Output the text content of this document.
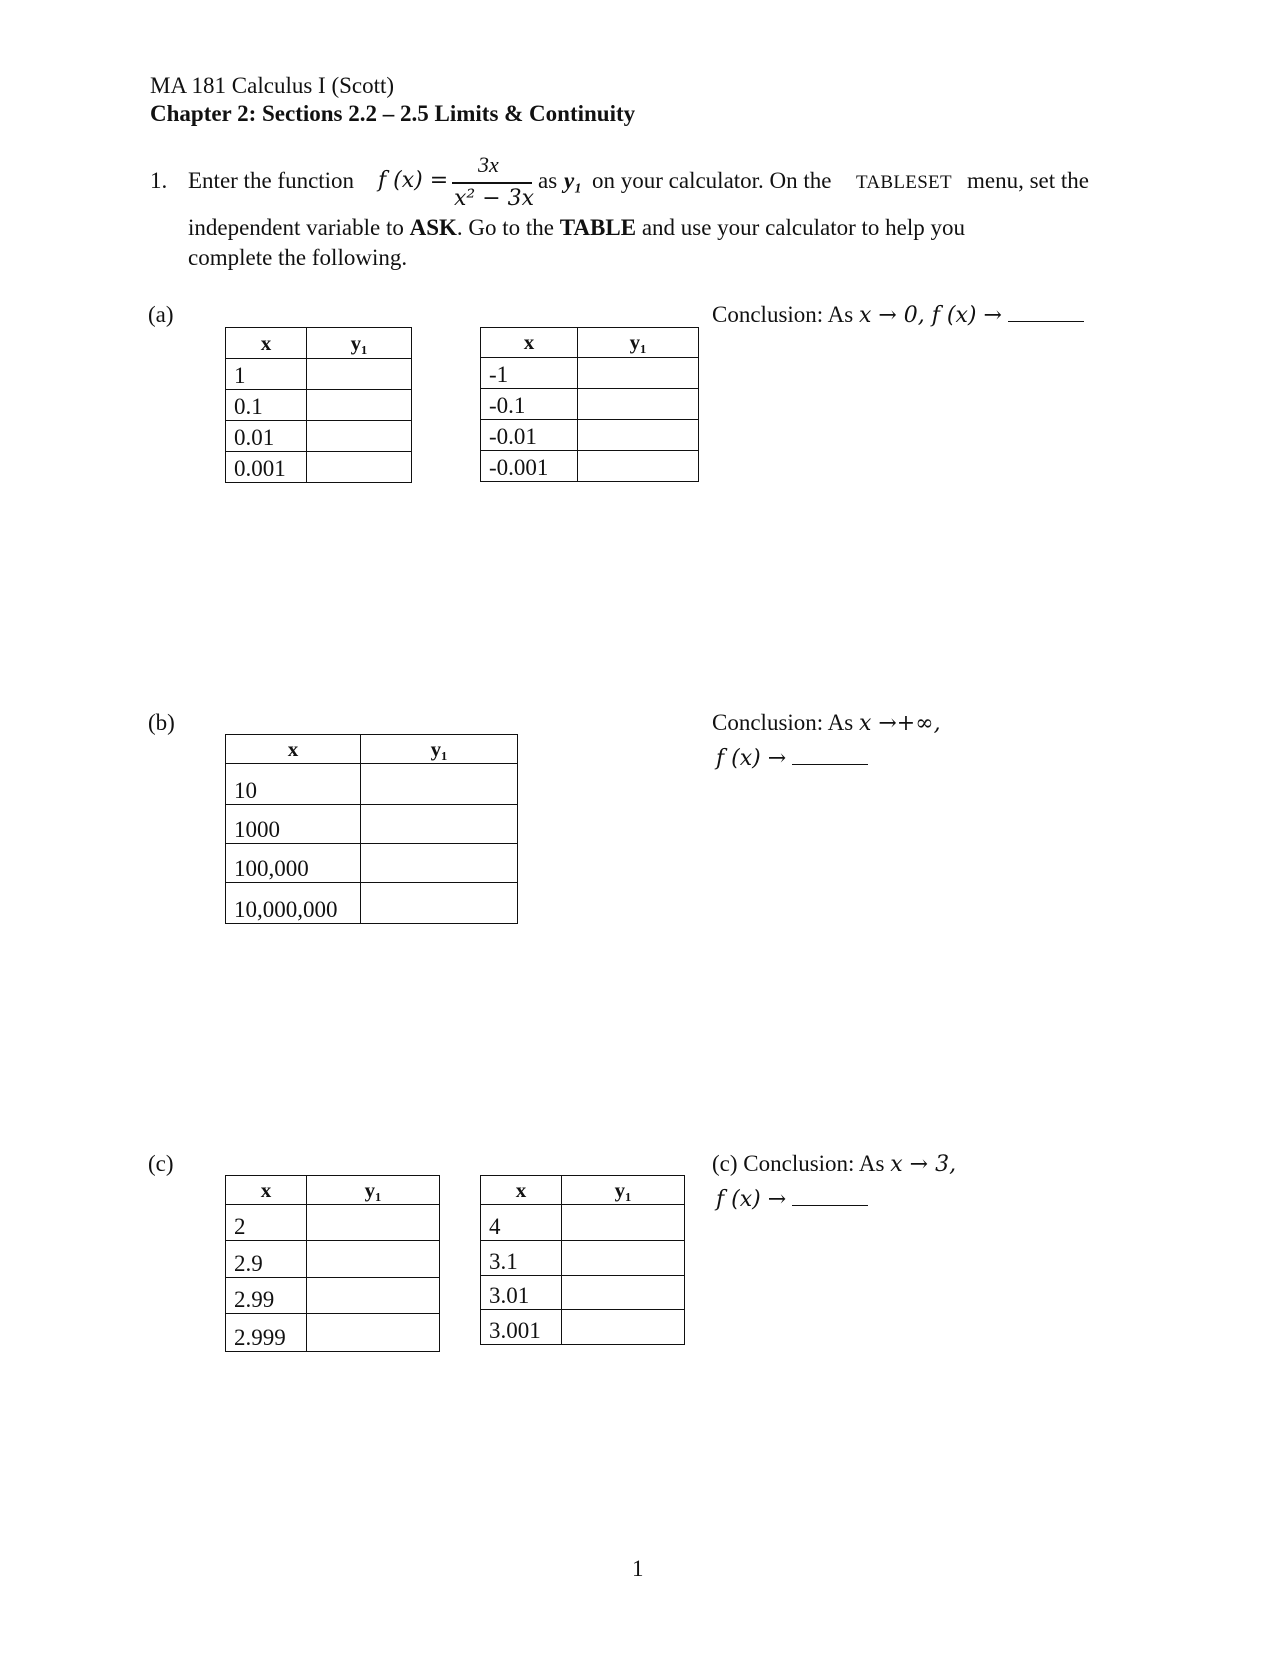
MA 181 Calculus I (Scott)
Chapter 2: Sections 2.2 – 2.5 Limits & Continuity
1. Enter the function f (x) =
3x
x² − 3x
as y₁ on your calculator. On the TABLESET menu, set the
independent variable to ASK. Go to the TABLE and use your calculator to help you
complete the following.
(a)	Conclusion: As x → 0, f (x) →
x	y₁
1	
0.1	
0.01	
0.001	
x	y₁
-1	
-0.1	
-0.01	
-0.001	
(b)	Conclusion: As x →+∞,
f (x) →
x	y₁
10	
1000	
100,000	
10,000,000	
(c)	(c) Conclusion: As x → 3,
f (x) →
x	y₁
2	
2.9	
2.99	
2.999	
x	y₁
4	
3.1	
3.01	
3.001	
1
